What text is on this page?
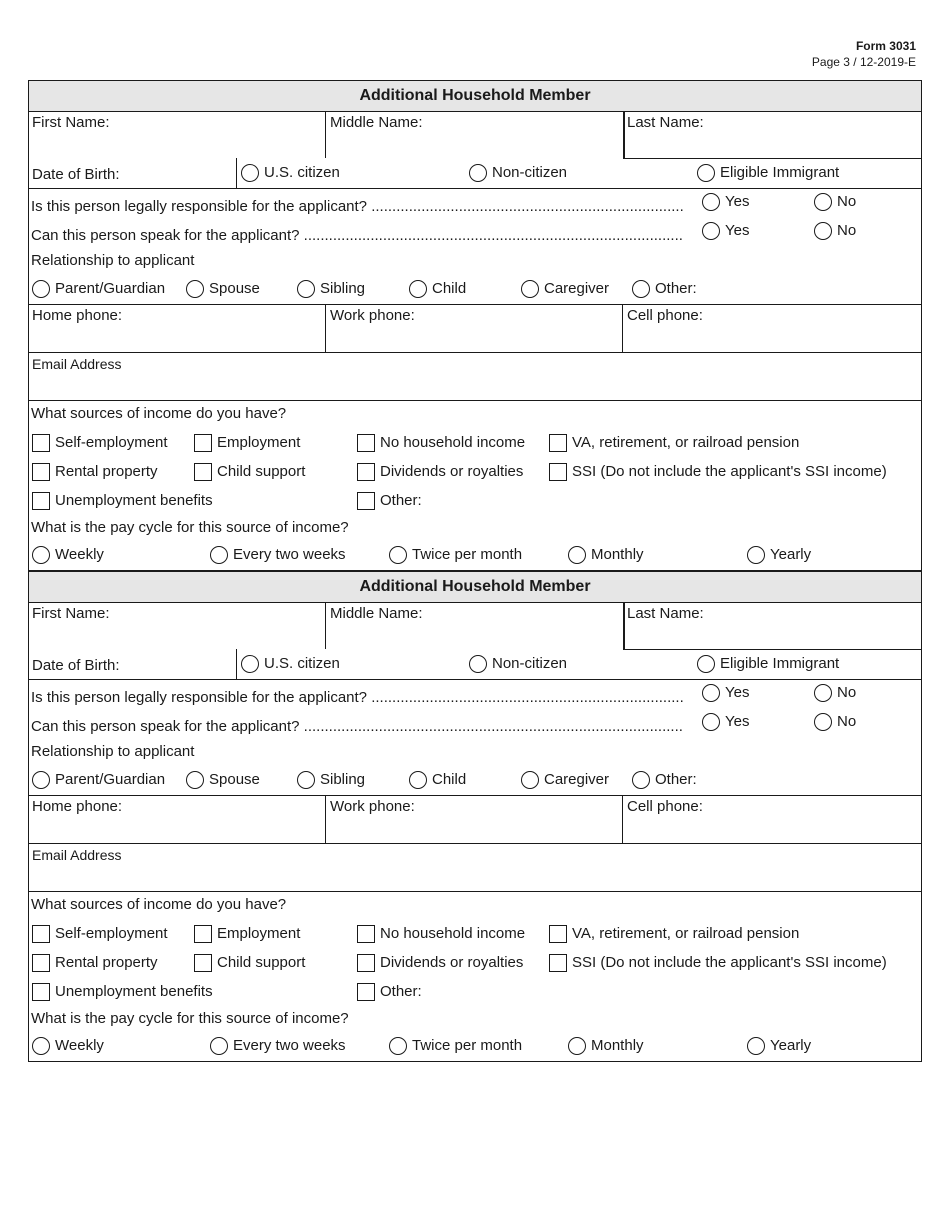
Form 3031
Page 3 / 12-2019-E
Additional Household Member
First Name:	Middle Name:	Last Name:
Date of Birth:	U.S. citizen	Non-citizen	Eligible Immigrant
Is this person legally responsible for the applicant? .....	Yes	No
Can this person speak for the applicant? .....	Yes	No
Relationship to applicant
Parent/Guardian	Spouse	Sibling	Child	Caregiver	Other:
Home phone:	Work phone:	Cell phone:
Email Address
What sources of income do you have?
Self-employment	Employment	No household income	VA, retirement, or railroad pension
Rental property	Child support	Dividends or royalties	SSI (Do not include the applicant's SSI income)
Unemployment benefits	Other:
What is the pay cycle for this source of income?
Weekly	Every two weeks	Twice per month	Monthly	Yearly
Additional Household Member
First Name:	Middle Name:	Last Name:
Date of Birth:	U.S. citizen	Non-citizen	Eligible Immigrant
Is this person legally responsible for the applicant? .....	Yes	No
Can this person speak for the applicant? .....	Yes	No
Relationship to applicant
Parent/Guardian	Spouse	Sibling	Child	Caregiver	Other:
Home phone:	Work phone:	Cell phone:
Email Address
What sources of income do you have?
Self-employment	Employment	No household income	VA, retirement, or railroad pension
Rental property	Child support	Dividends or royalties	SSI (Do not include the applicant's SSI income)
Unemployment benefits	Other:
What is the pay cycle for this source of income?
Weekly	Every two weeks	Twice per month	Monthly	Yearly
